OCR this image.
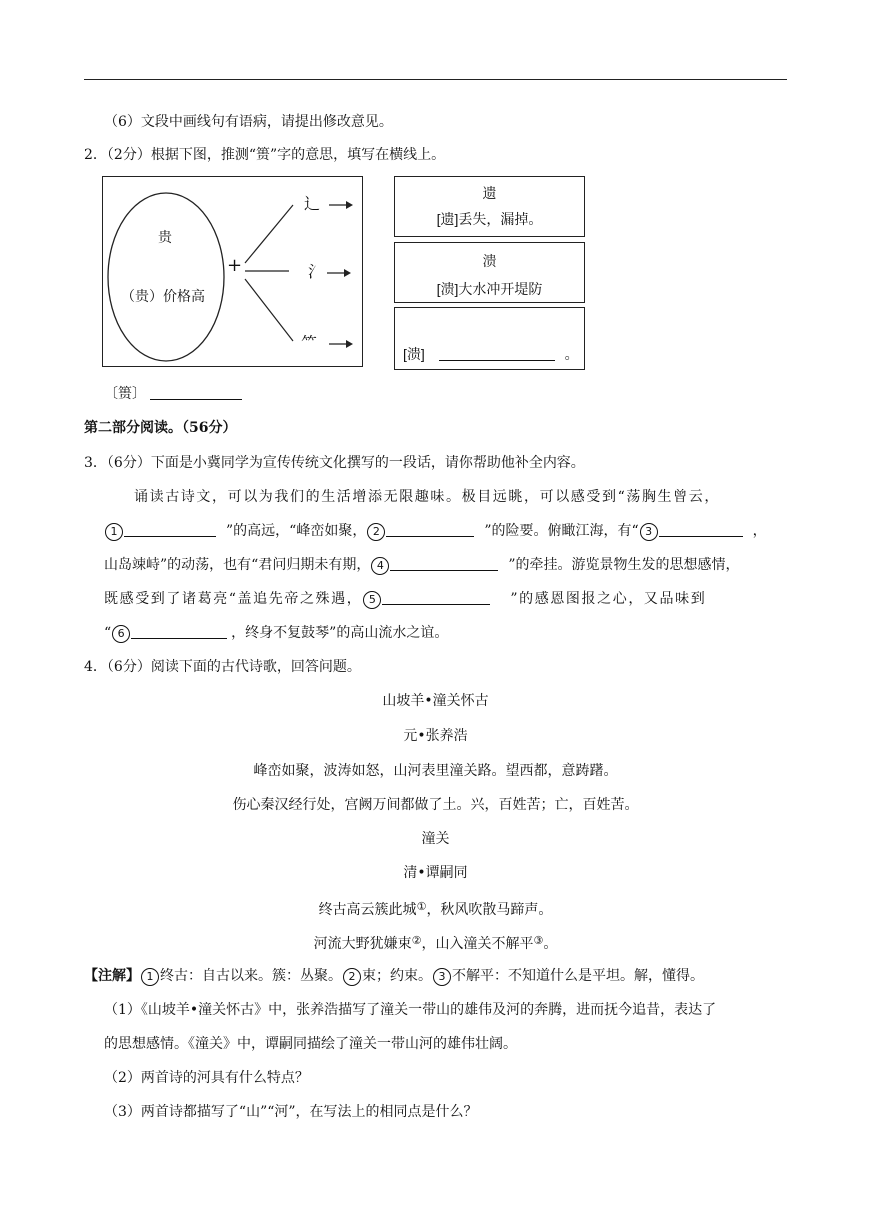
（6）文段中画线句有语病，请提出修改意见。
2．（2分）根据下图，推测“篑”字的意思，填写在横线上。
贵
（贵）价格高
+
辶
氵
⺮
遗
[遗]丢失，漏掉。
溃
[溃]大水冲开堤防
[溃]	。
〔篑〕
第二部分阅读。（56分）
3．（6分）下面是小冀同学为宣传传统文化撰写的一段话，请你帮助他补全内容。
诵读古诗文，可以为我们的生活增添无限趣味。极目远眺，可以感受到“荡胸生曾云，
1	”的高远，“峰峦如聚， 2	”的险要。俯瞰江海，有“ 3	，
山岛竦峙”的动荡，也有“君问归期未有期， 4	”的牵挂。游览景物生发的思想感情，
既感受到了诸葛亮“盖追先帝之殊遇， 5	”的感恩图报之心，又品味到
“ 6	，终身不复鼓琴”的高山流水之谊。
4．（6分）阅读下面的古代诗歌，回答问题。
山坡羊•潼关怀古
元•张养浩
峰峦如聚，波涛如怒，山河表里潼关路。望西都，意踌躇。
伤心秦汉经行处，宫阙万间都做了土。兴，百姓苦；亡，百姓苦。
潼关
清•谭嗣同
终古高云簇此城①，秋风吹散马蹄声。
河流大野犹嫌束②，山入潼关不解平③。
【注解】 1 终古：自古以来。簇：丛聚。 2 束；约束。 3 不解平：不知道什么是平坦。解，懂得。
（1）《山坡羊•潼关怀古》中，张养浩描写了潼关一带山的雄伟及河的奔腾，进而抚今追昔，表达了
的思想感情。《潼关》中，谭嗣同描绘了潼关一带山河的雄伟壮阔。
（2）两首诗的河具有什么特点？
（3）两首诗都描写了“山”“河”，在写法上的相同点是什么？
